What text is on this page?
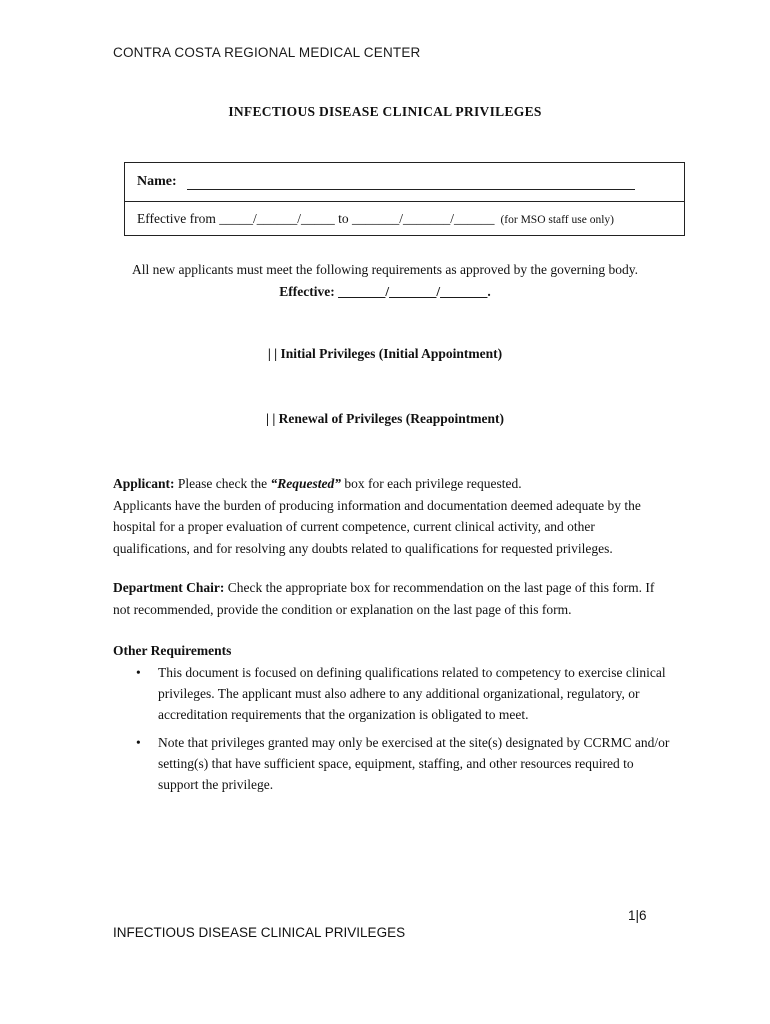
CONTRA COSTA REGIONAL MEDICAL CENTER
INFECTIOUS DISEASE CLINICAL PRIVILEGES
Name:
Effective from _____/______/_____ to _______/_______/______ (for MSO staff use only)
All new applicants must meet the following requirements as approved by the governing body.
Effective: _______/_______/_______.
| | Initial Privileges (Initial Appointment)
| | Renewal of Privileges (Reappointment)
Applicant: Please check the “Requested” box for each privilege requested.
Applicants have the burden of producing information and documentation deemed adequate by the hospital for a proper evaluation of current competence, current clinical activity, and other qualifications, and for resolving any doubts related to qualifications for requested privileges.
Department Chair: Check the appropriate box for recommendation on the last page of this form. If not recommended, provide the condition or explanation on the last page of this form.
Other Requirements
• This document is focused on defining qualifications related to competency to exercise clinical privileges. The applicant must also adhere to any additional organizational, regulatory, or accreditation requirements that the organization is obligated to meet.
• Note that privileges granted may only be exercised at the site(s) designated by CCRMC and/or setting(s) that have sufficient space, equipment, staffing, and other resources required to support the privilege.
1|6
INFECTIOUS DISEASE CLINICAL PRIVILEGES
